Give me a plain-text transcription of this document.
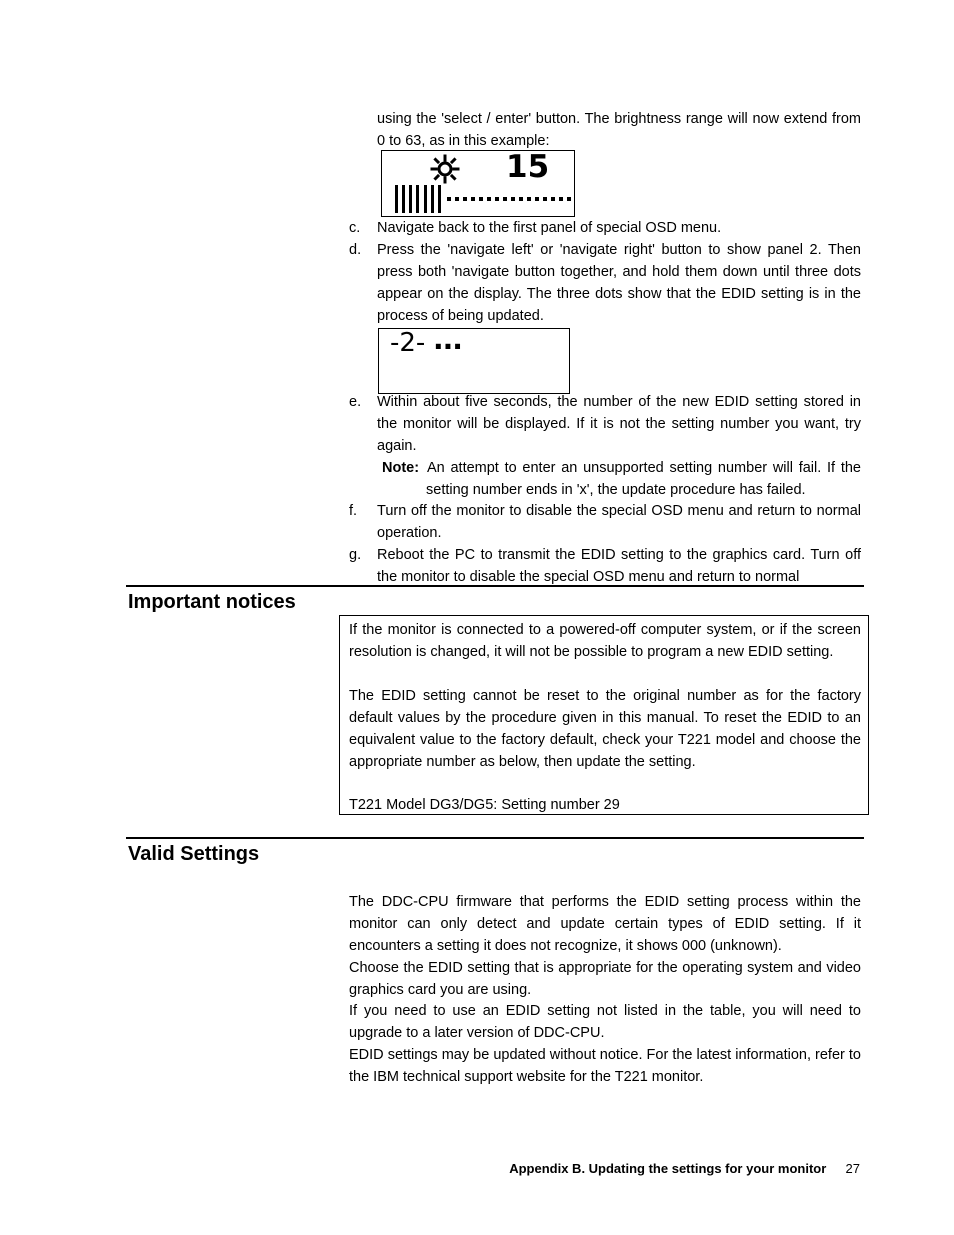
using the 'select / enter' button. The brightness range will now extend from 0 to 63, as in this example:
15
c.	Navigate back to the first panel of special OSD menu.
d.	Press the 'navigate left' or 'navigate right' button to show panel 2. Then press both 'navigate button together, and hold them down until three dots appear on the display. The three dots show that the EDID setting is in the process of being updated.
-2- ...
e.	Within about five seconds, the number of the new EDID setting stored in the monitor will be displayed. If it is not the setting number you want, try again.
Note: An attempt to enter an unsupported setting number will fail. If the setting number ends in 'x', the update procedure has failed.
f.	Turn off the monitor to disable the special OSD menu and return to normal operation.
g.	Reboot the PC to transmit the EDID setting to the graphics card. Turn off the monitor to disable the special OSD menu and return to normal
Important notices
If the monitor is connected to a powered-off computer system, or if the screen resolution is changed, it will not be possible to program a new EDID setting.
The EDID setting cannot be reset to the original number as for the factory default values by the procedure given in this manual. To reset the EDID to an equivalent value to the factory default, check your T221 model and choose the appropriate number as below, then update the setting.
T221 Model DG3/DG5: Setting number 29
Valid Settings
The DDC-CPU firmware that performs the EDID setting process within the monitor can only detect and update certain types of EDID setting. If it encounters a setting it does not recognize, it shows 000 (unknown).
Choose the EDID setting that is appropriate for the operating system and video graphics card you are using.
If you need to use an EDID setting not listed in the table, you will need to upgrade to a later version of DDC-CPU.
EDID settings may be updated without notice. For the latest information, refer to the IBM technical support website for the T221 monitor.
Appendix B. Updating the settings for your monitor 27
